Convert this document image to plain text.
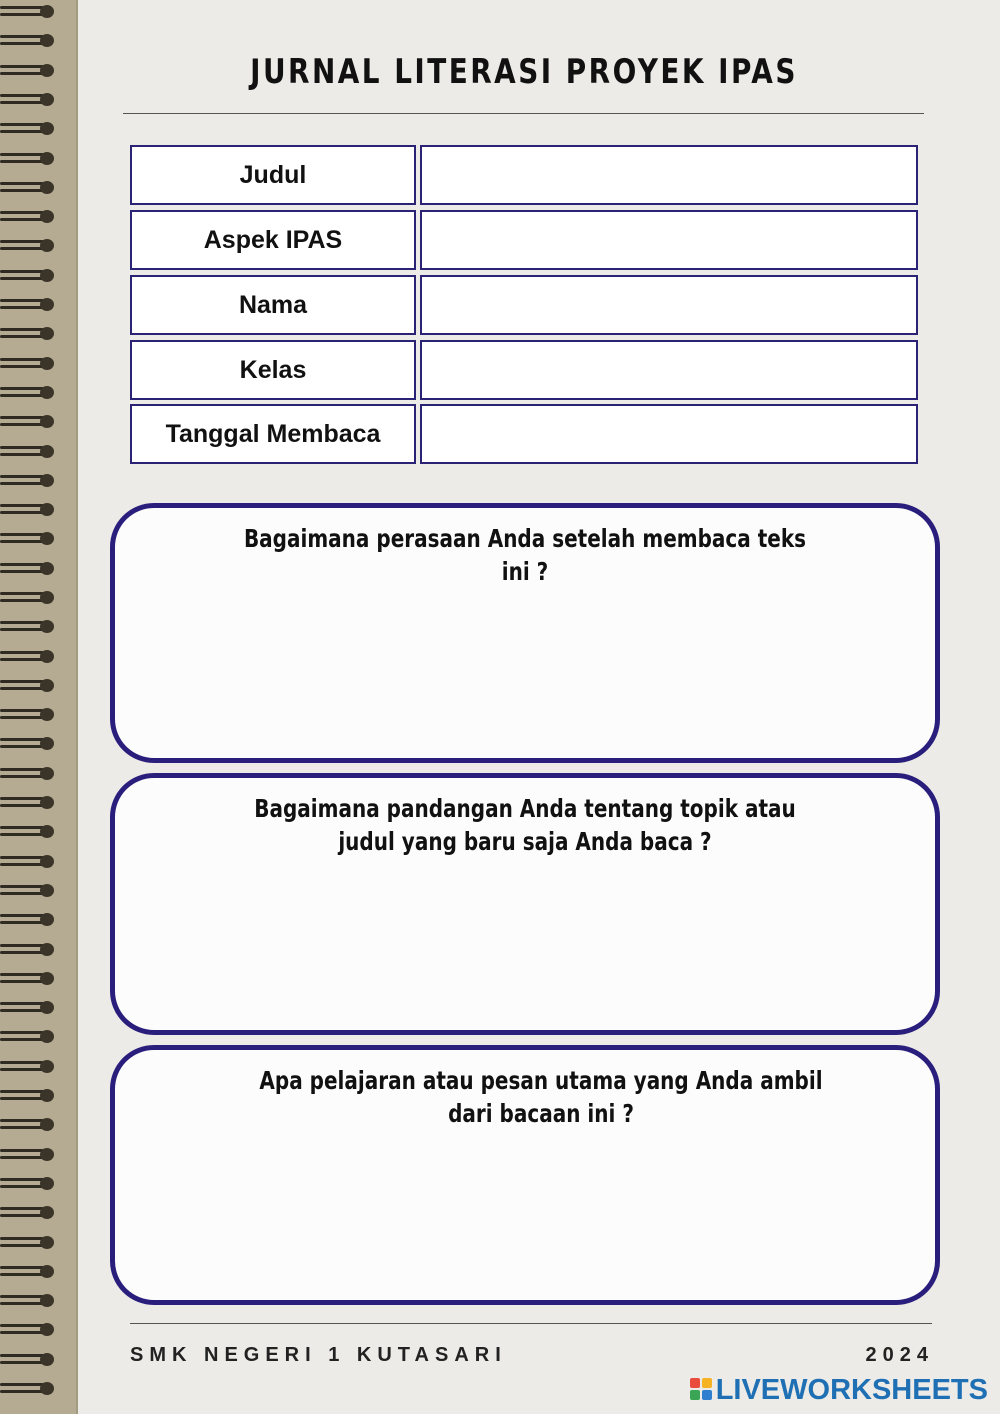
JURNAL LITERASI PROYEK IPAS
Judul
Aspek IPAS
Nama
Kelas
Tanggal Membaca
Bagaimana perasaan Anda setelah membaca teks ini ?
Bagaimana pandangan Anda tentang topik atau judul yang baru saja Anda baca ?
Apa pelajaran atau pesan utama yang Anda ambil dari bacaan ini ?
SMK NEGERI 1 KUTASARI	2024
LIVEWORKSHEETS
